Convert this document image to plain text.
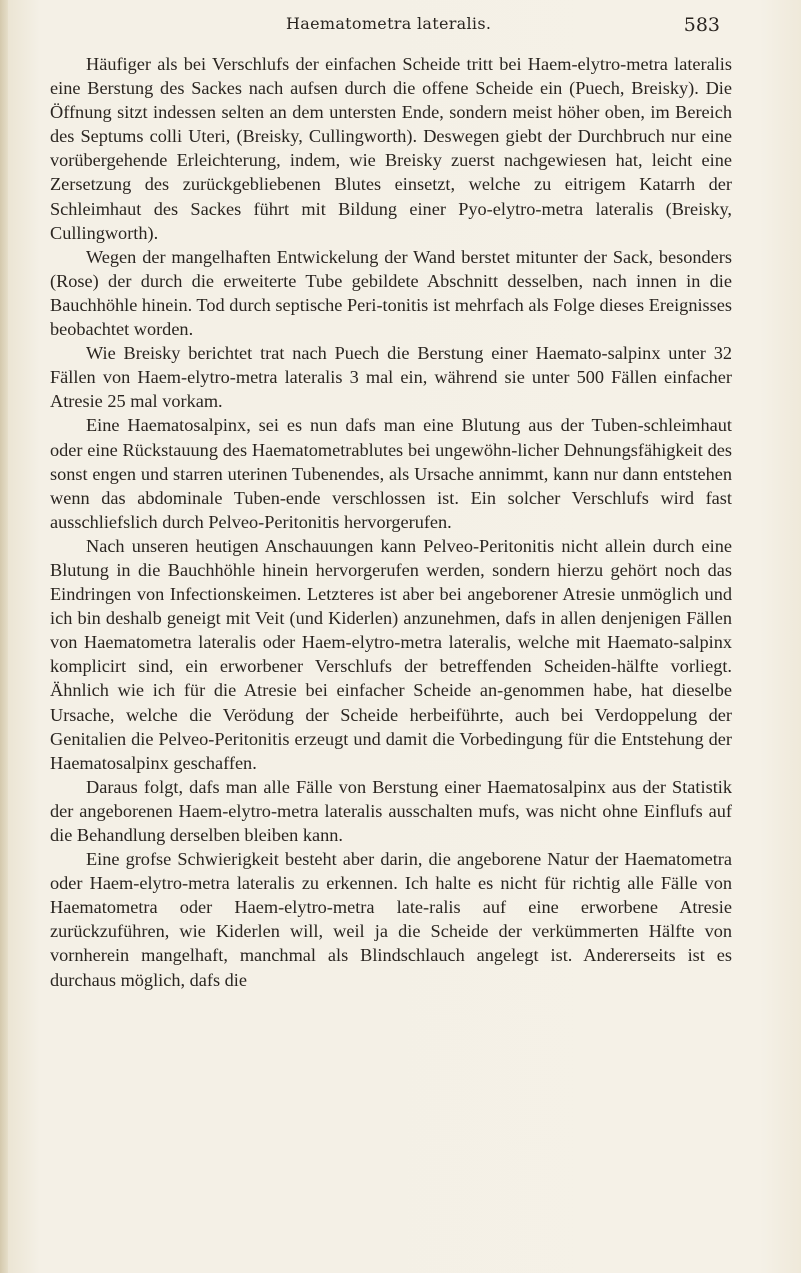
Haematometra lateralis.	583

Häufiger als bei Verschlufs der einfachen Scheide tritt bei Haem-elytro-metra lateralis eine Berstung des Sackes nach aufsen durch die offene Scheide ein (Puech, Breisky). Die Öffnung sitzt indessen selten an dem untersten Ende, sondern meist höher oben, im Bereich des Septums colli Uteri, (Breisky, Cullingworth). Deswegen giebt der Durchbruch nur eine vorübergehende Erleichterung, indem, wie Breisky zuerst nachgewiesen hat, leicht eine Zersetzung des zurückgebliebenen Blutes einsetzt, welche zu eitrigem Katarrh der Schleimhaut des Sackes führt mit Bildung einer Pyo-elytro-metra lateralis (Breisky, Cullingworth).

Wegen der mangelhaften Entwickelung der Wand berstet mitunter der Sack, besonders (Rose) der durch die erweiterte Tube gebildete Abschnitt desselben, nach innen in die Bauchhöhle hinein. Tod durch septische Peri-tonitis ist mehrfach als Folge dieses Ereignisses beobachtet worden.

Wie Breisky berichtet trat nach Puech die Berstung einer Haemato-salpinx unter 32 Fällen von Haem-elytro-metra lateralis 3 mal ein, während sie unter 500 Fällen einfacher Atresie 25 mal vorkam.

Eine Haematosalpinx, sei es nun dafs man eine Blutung aus der Tuben-schleimhaut oder eine Rückstauung des Haematometrablutes bei ungewöhn-licher Dehnungsfähigkeit des sonst engen und starren uterinen Tubenendes, als Ursache annimmt, kann nur dann entstehen wenn das abdominale Tuben-ende verschlossen ist. Ein solcher Verschlufs wird fast ausschliefslich durch Pelveo-Peritonitis hervorgerufen.

Nach unseren heutigen Anschauungen kann Pelveo-Peritonitis nicht allein durch eine Blutung in die Bauchhöhle hinein hervorgerufen werden, sondern hierzu gehört noch das Eindringen von Infectionskeimen. Letzteres ist aber bei angeborener Atresie unmöglich und ich bin deshalb geneigt mit Veit (und Kiderlen) anzunehmen, dafs in allen denjenigen Fällen von Haematometra lateralis oder Haem-elytro-metra lateralis, welche mit Haemato-salpinx komplicirt sind, ein erworbener Verschlufs der betreffenden Scheiden-hälfte vorliegt. Ähnlich wie ich für die Atresie bei einfacher Scheide an-genommen habe, hat dieselbe Ursache, welche die Verödung der Scheide herbeiführte, auch bei Verdoppelung der Genitalien die Pelveo-Peritonitis erzeugt und damit die Vorbedingung für die Entstehung der Haematosalpinx geschaffen.

Daraus folgt, dafs man alle Fälle von Berstung einer Haematosalpinx aus der Statistik der angeborenen Haem-elytro-metra lateralis ausschalten mufs, was nicht ohne Einflufs auf die Behandlung derselben bleiben kann.

Eine grofse Schwierigkeit besteht aber darin, die angeborene Natur der Haematometra oder Haem-elytro-metra lateralis zu erkennen. Ich halte es nicht für richtig alle Fälle von Haematometra oder Haem-elytro-metra late-ralis auf eine erworbene Atresie zurückzuführen, wie Kiderlen will, weil ja die Scheide der verkümmerten Hälfte von vornherein mangelhaft, manchmal als Blindschlauch angelegt ist. Andererseits ist es durchaus möglich, dafs die
